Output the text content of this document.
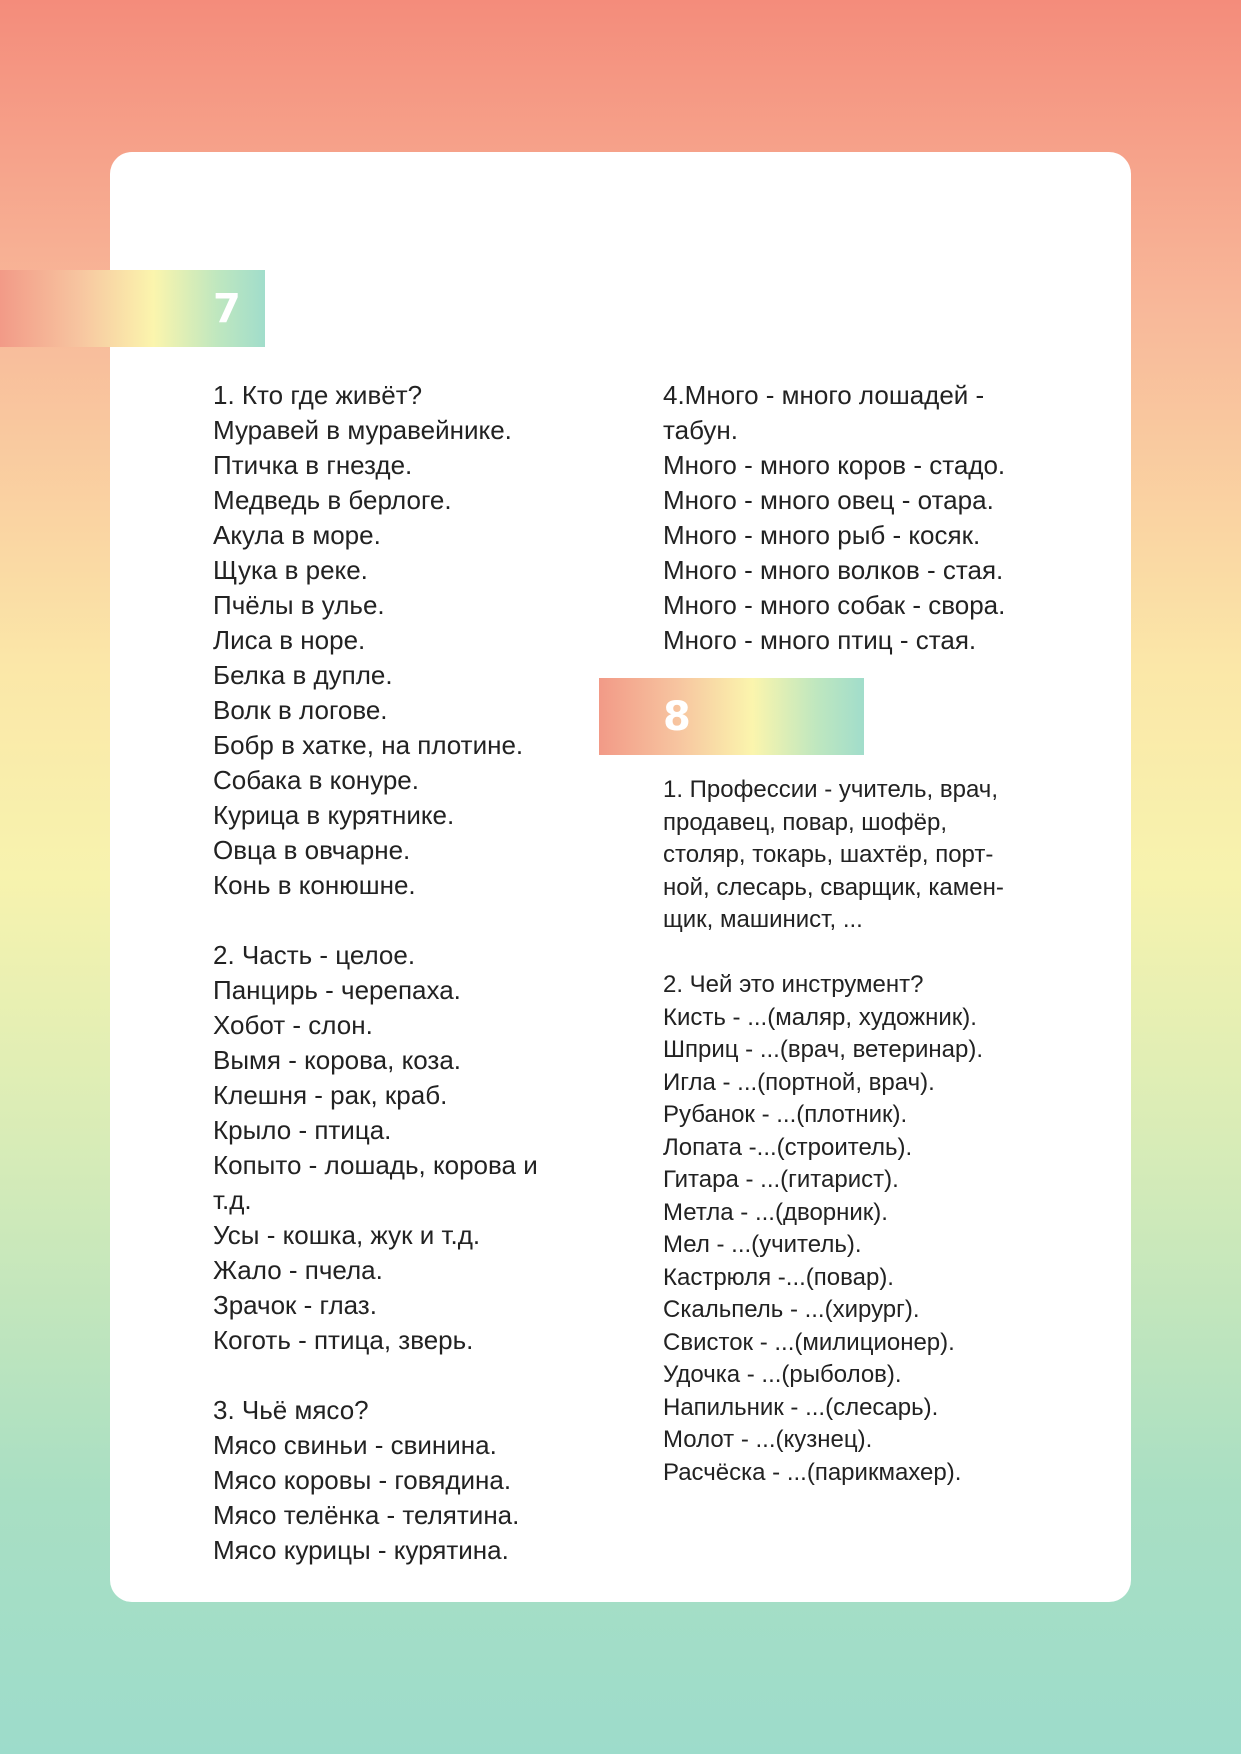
7
8
1. Кто где живёт?
Муравей в муравейнике.
Птичка в гнезде.
Медведь в берлоге.
Акула в море.
Щука в реке.
Пчёлы в улье.
Лиса в норе.
Белка в дупле.
Волк в логове.
Бобр в хатке, на плотине.
Собака в конуре.
Курица в курятнике.
Овца в овчарне.
Конь в конюшне.
2. Часть - целое.
Панцирь - черепаха.
Хобот - слон.
Вымя - корова, коза.
Клешня - рак, краб.
Крыло - птица.
Копыто - лошадь, корова и
т.д.
Усы - кошка, жук и т.д.
Жало - пчела.
Зрачок - глаз.
Коготь - птица, зверь.
3. Чьё мясо?
Мясо свиньи - свинина.
Мясо коровы - говядина.
Мясо телёнка - телятина.
Мясо курицы - курятина.
4.Много - много лошадей -
табун.
Много - много коров - стадо.
Много - много овец - отара.
Много - много рыб - косяк.
Много - много волков - стая.
Много - много собак - свора.
Много - много птиц - стая.
1. Профессии - учитель, врач,
продавец, повар, шофёр,
столяр, токарь, шахтёр, порт-
ной, слесарь, сварщик, камен-
щик, машинист, ...
2. Чей это инструмент?
Кисть - ...(маляр, художник).
Шприц - ...(врач, ветеринар).
Игла - ...(портной, врач).
Рубанок - ...(плотник).
Лопата -...(строитель).
Гитара - ...(гитарист).
Метла - ...(дворник).
Мел - ...(учитель).
Кастрюля -...(повар).
Скальпель - ...(хирург).
Свисток - ...(милиционер).
Удочка - ...(рыболов).
Напильник - ...(слесарь).
Молот - ...(кузнец).
Расчёска - ...(парикмахер).
